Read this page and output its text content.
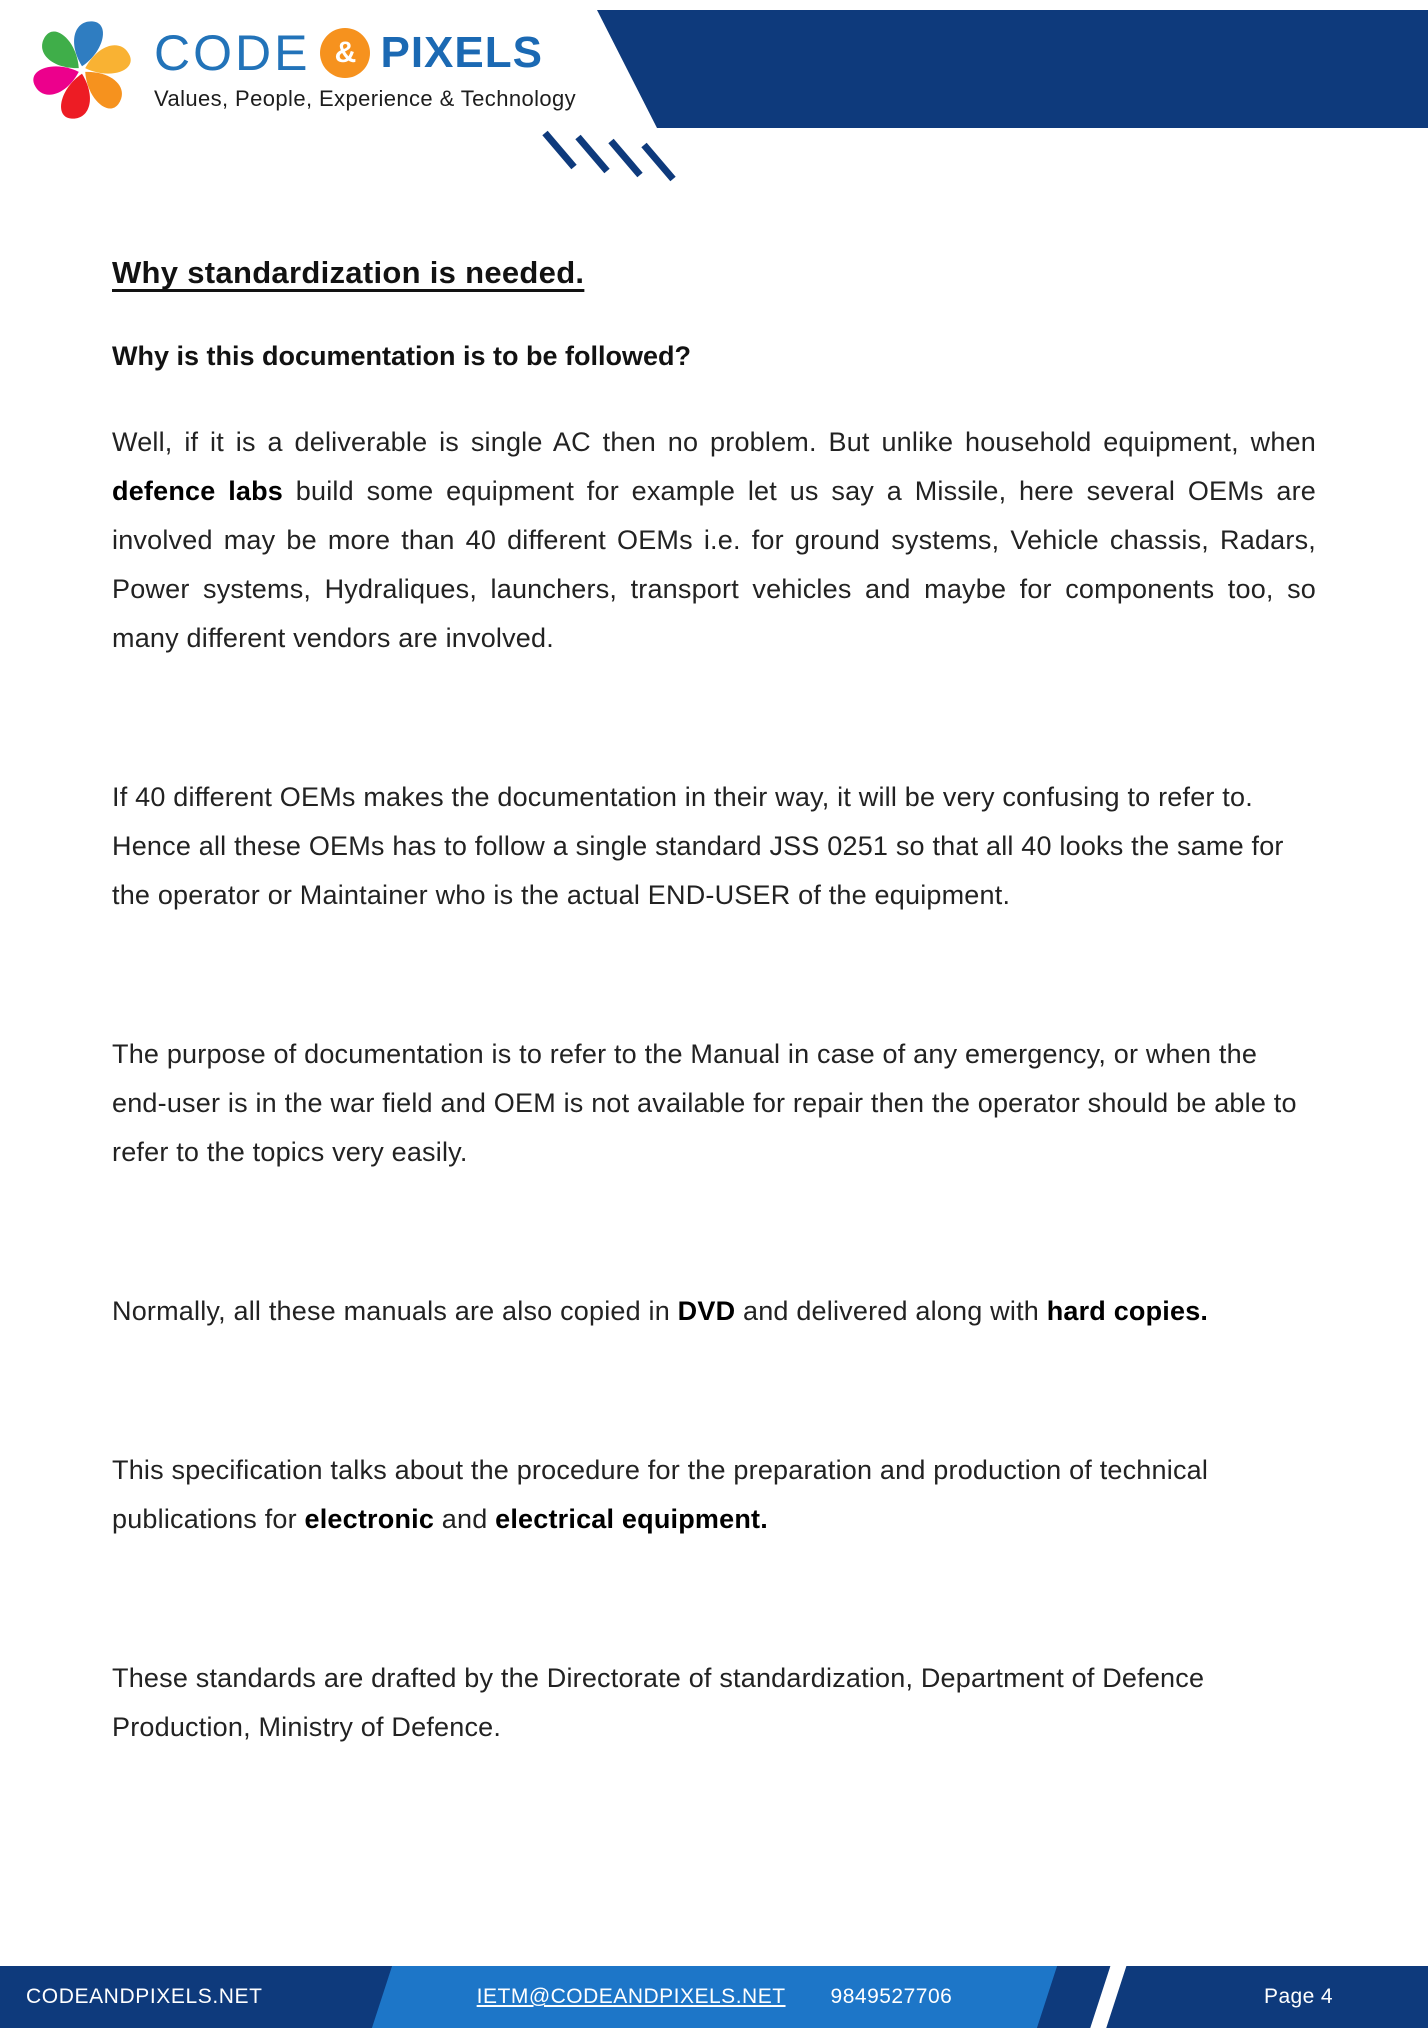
CODE & PIXELS
Values, People, Experience & Technology
Why standardization is needed.
Why is this documentation is to be followed?

Well, if it is a deliverable is single AC then no problem. But unlike household equipment, when defence labs build some equipment for example let us say a Missile, here several OEMs are involved may be more than 40 different OEMs i.e. for ground systems, Vehicle chassis, Radars, Power systems, Hydraliques, launchers, transport vehicles and maybe for components too, so many different vendors are involved.

If 40 different OEMs makes the documentation in their way, it will be very confusing to refer to. Hence all these OEMs has to follow a single standard JSS 0251 so that all 40 looks the same for the operator or Maintainer who is the actual END-USER of the equipment.

The purpose of documentation is to refer to the Manual in case of any emergency, or when the end-user is in the war field and OEM is not available for repair then the operator should be able to refer to the topics very easily.

Normally, all these manuals are also copied in DVD and delivered along with hard copies.

This specification talks about the procedure for the preparation and production of technical publications for electronic and electrical equipment.

These standards are drafted by the Directorate of standardization, Department of Defence Production, Ministry of Defence.

CODEANDPIXELS.NET	IETM@CODEANDPIXELS.NET 9849527706	Page 4
